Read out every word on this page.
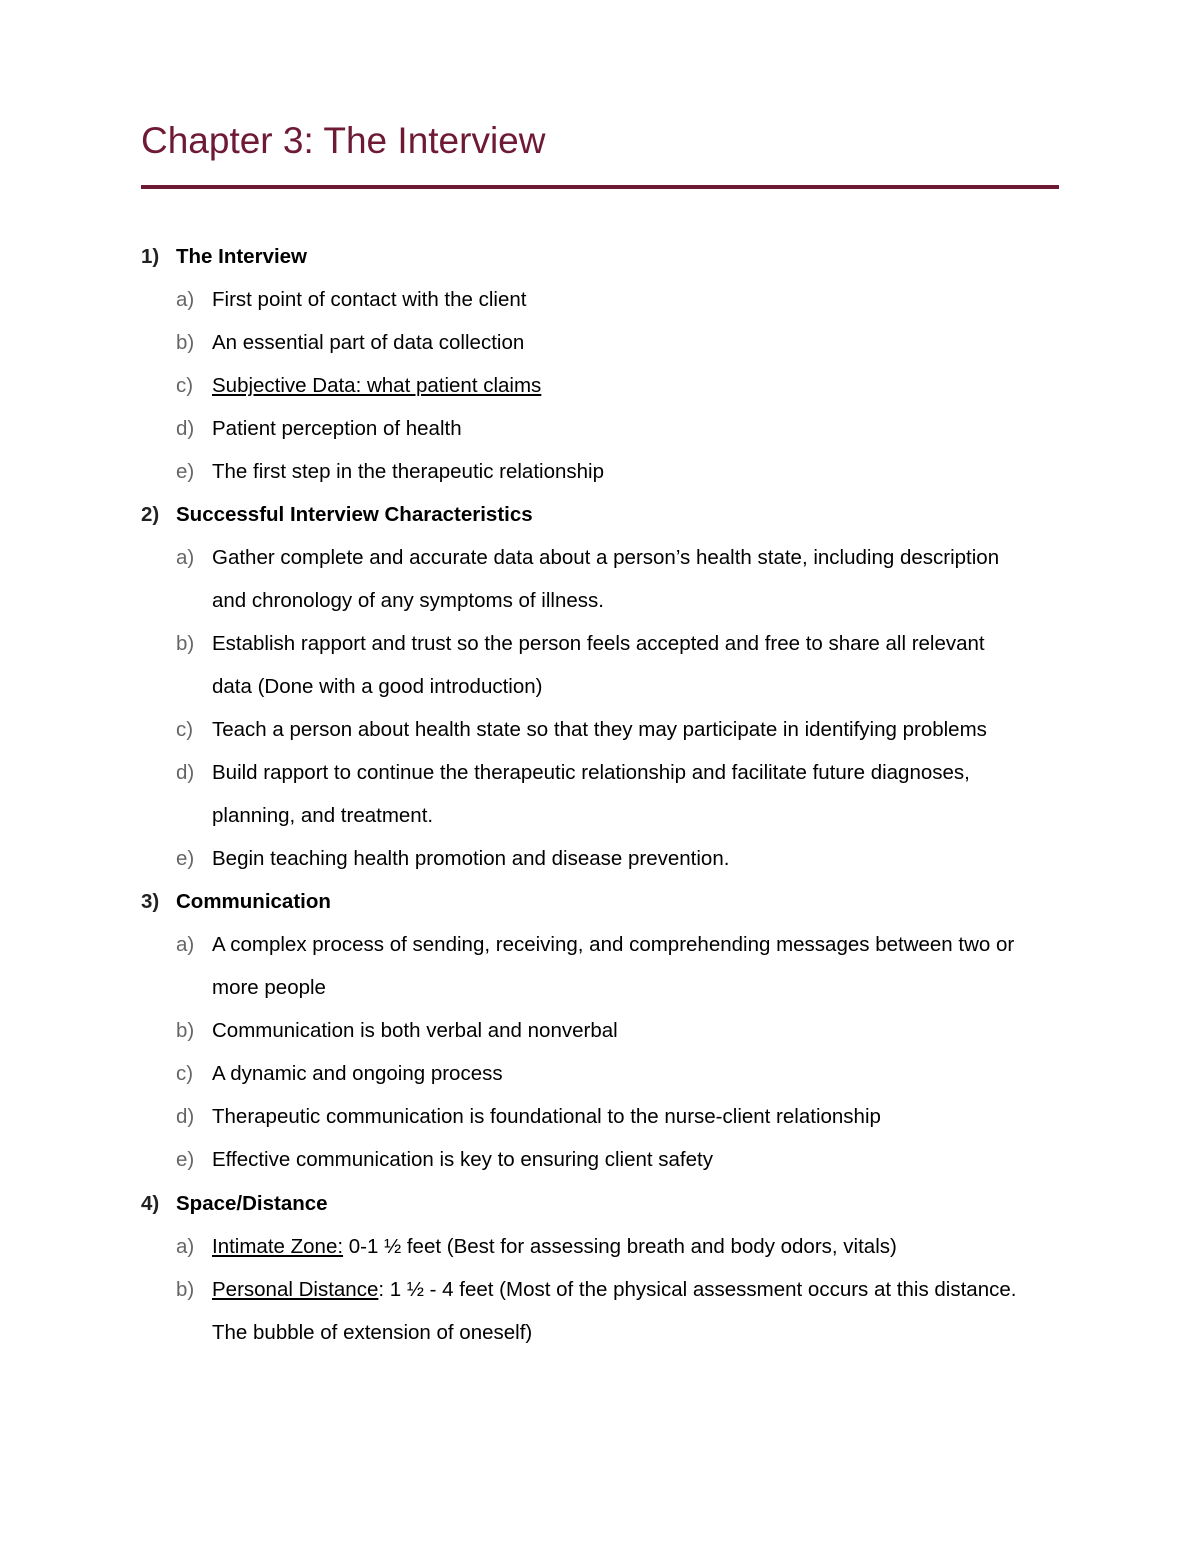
Chapter 3: The Interview
1) The Interview
a) First point of contact with the client
b) An essential part of data collection
c) Subjective Data: what patient claims
d) Patient perception of health
e) The first step in the therapeutic relationship
2) Successful Interview Characteristics
a) Gather complete and accurate data about a person’s health state, including description
and chronology of any symptoms of illness.
b) Establish rapport and trust so the person feels accepted and free to share all relevant
data (Done with a good introduction)
c) Teach a person about health state so that they may participate in identifying problems
d) Build rapport to continue the therapeutic relationship and facilitate future diagnoses,
planning, and treatment.
e) Begin teaching health promotion and disease prevention.
3) Communication
a) A complex process of sending, receiving, and comprehending messages between two or
more people
b) Communication is both verbal and nonverbal
c) A dynamic and ongoing process
d) Therapeutic communication is foundational to the nurse-client relationship
e) Effective communication is key to ensuring client safety
4) Space/Distance
a) Intimate Zone: 0-1 ½ feet (Best for assessing breath and body odors, vitals)
b) Personal Distance: 1 ½ - 4 feet (Most of the physical assessment occurs at this distance.
The bubble of extension of oneself)
